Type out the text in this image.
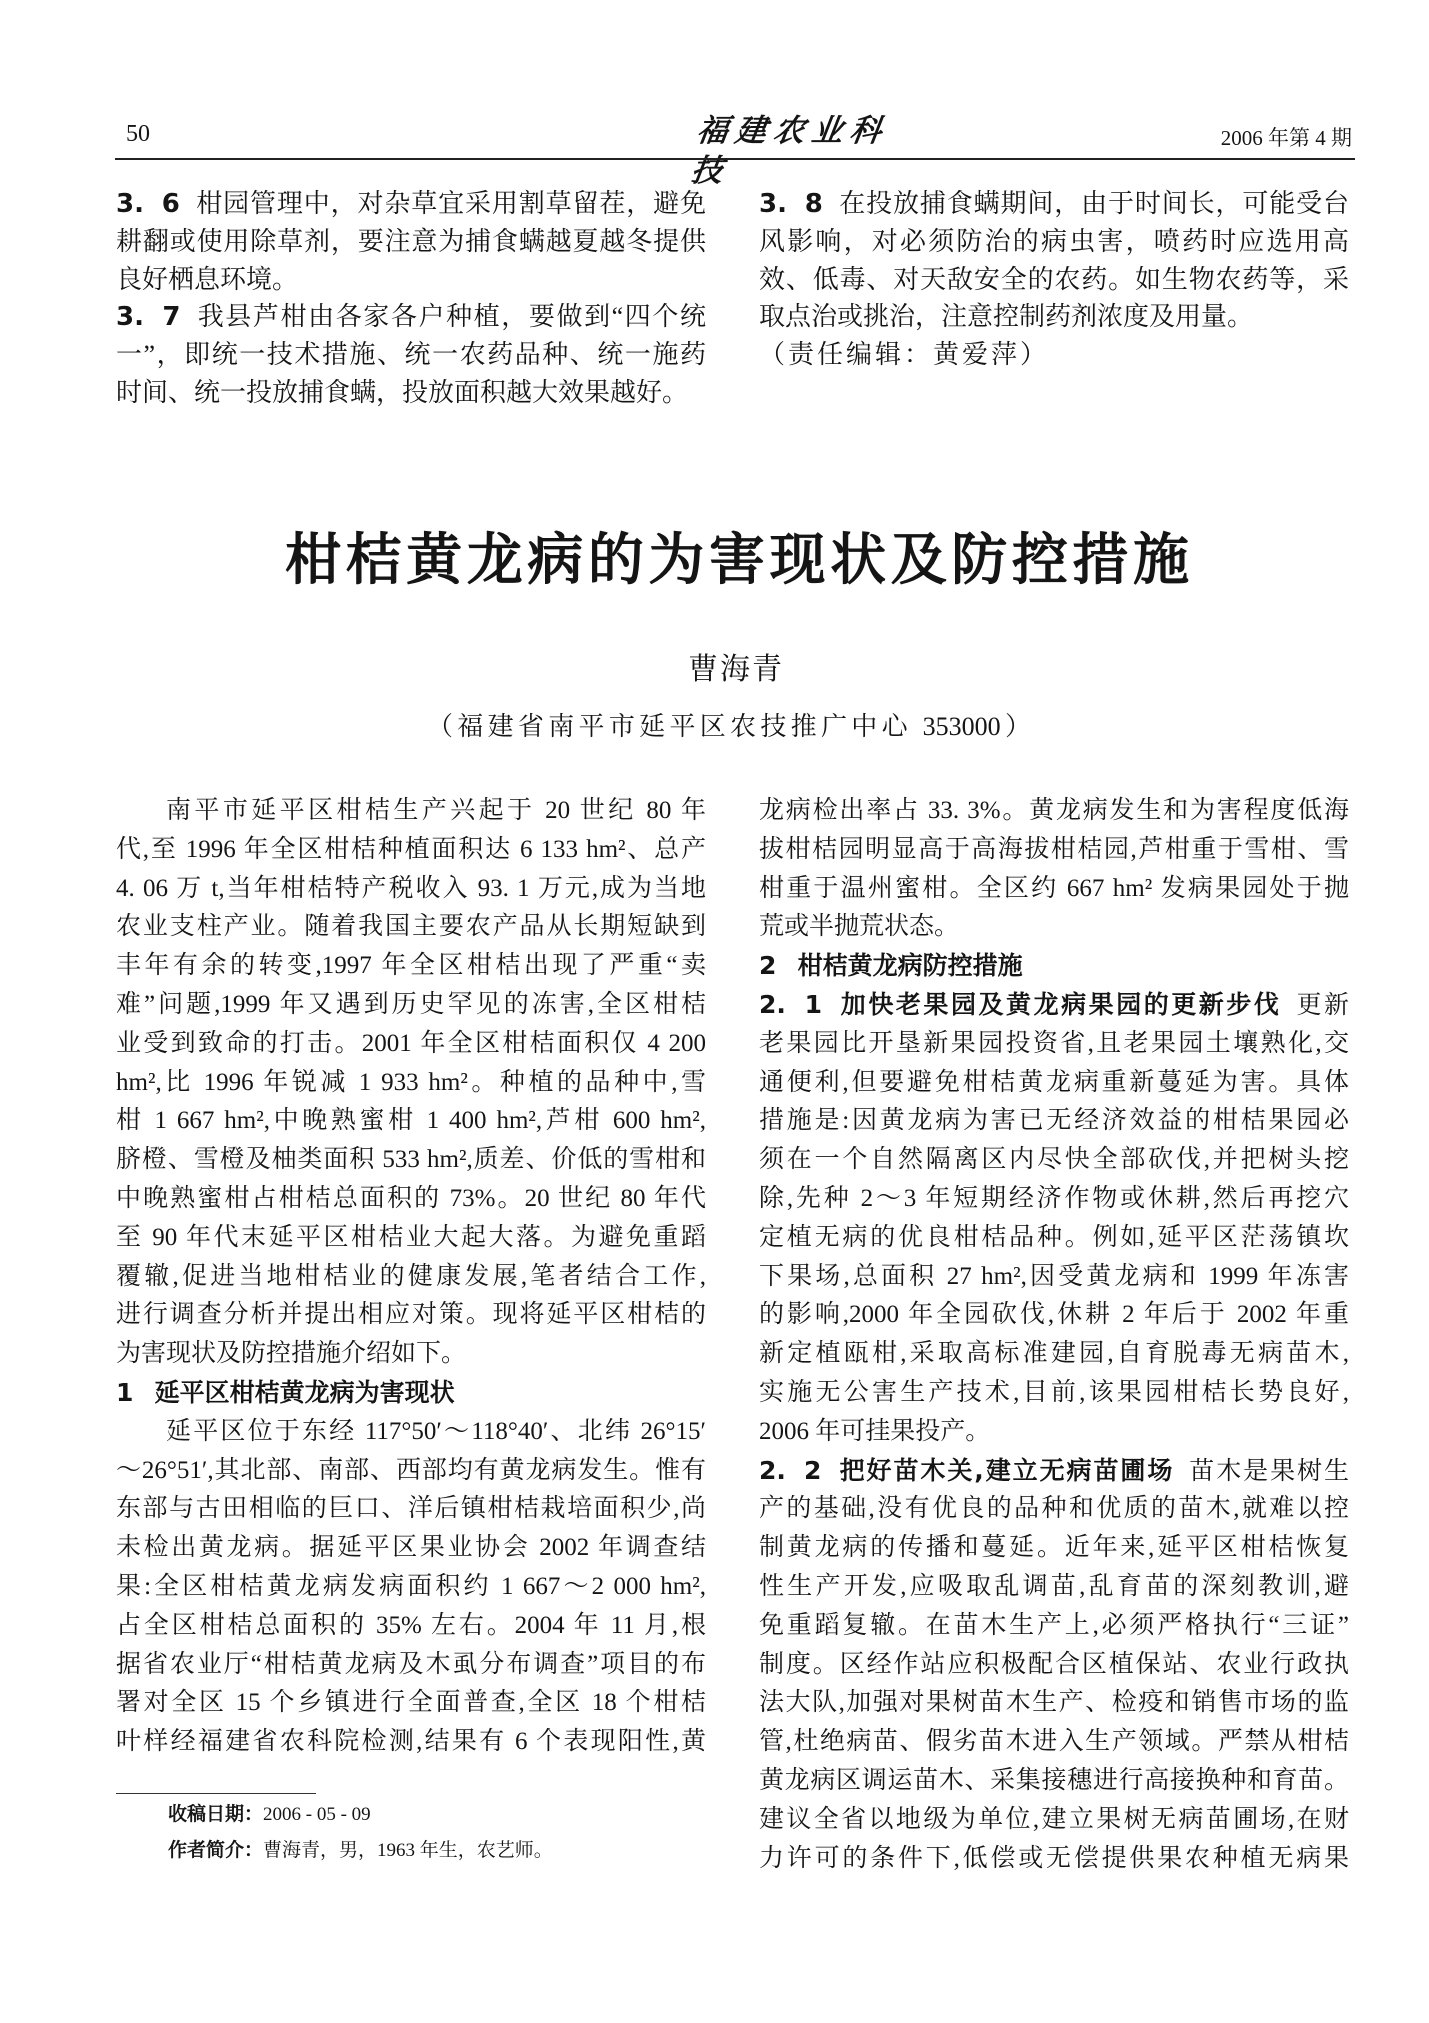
50	福建农业科技
2006 年第 4 期
3. 6 柑园管理中，对杂草宜采用割草留茬，避免
耕翻或使用除草剂，要注意为捕食螨越夏越冬提供
良好栖息环境。
3. 7 我县芦柑由各家各户种植，要做到“四个统
一”，即统一技术措施、统一农药品种、统一施药
时间、统一投放捕食螨，投放面积越大效果越好。
3. 8 在投放捕食螨期间，由于时间长，可能受台
风影响，对必须防治的病虫害，喷药时应选用高
效、低毒、对天敌安全的农药。如生物农药等，采
取点治或挑治，注意控制药剂浓度及用量。
（责任编辑：黄爱萍）
柑桔黄龙病的为害现状及防控措施
曹海青
（福建省南平市延平区农技推广中心 353000）
南平市延平区柑桔生产兴起于 20 世纪 80 年
代,至 1996 年全区柑桔种植面积达 6 133 hm²、总产
4. 06 万 t,当年柑桔特产税收入 93. 1 万元,成为当地
农业支柱产业。随着我国主要农产品从长期短缺到
丰年有余的转变,1997 年全区柑桔出现了严重“卖
难”问题,1999 年又遇到历史罕见的冻害,全区柑桔
业受到致命的打击。2001 年全区柑桔面积仅 4 200
hm²,比 1996 年锐减 1 933 hm²。种植的品种中,雪
柑 1 667 hm²,中晚熟蜜柑 1 400 hm²,芦柑 600 hm²,
脐橙、雪橙及柚类面积 533 hm²,质差、价低的雪柑和
中晚熟蜜柑占柑桔总面积的 73%。20 世纪 80 年代
至 90 年代末延平区柑桔业大起大落。为避免重蹈
覆辙,促进当地柑桔业的健康发展,笔者结合工作,
进行调查分析并提出相应对策。现将延平区柑桔的
为害现状及防控措施介绍如下。
1 延平区柑桔黄龙病为害现状
延平区位于东经 117°50′～118°40′、北纬 26°15′
～26°51′,其北部、南部、西部均有黄龙病发生。惟有
东部与古田相临的巨口、洋后镇柑桔栽培面积少,尚
未检出黄龙病。据延平区果业协会 2002 年调查结
果:全区柑桔黄龙病发病面积约 1 667～2 000 hm²,
占全区柑桔总面积的 35% 左右。2004 年 11 月,根
据省农业厅“柑桔黄龙病及木虱分布调查”项目的布
署对全区 15 个乡镇进行全面普查,全区 18 个柑桔
叶样经福建省农科院检测,结果有 6 个表现阳性,黄
龙病检出率占 33. 3%。黄龙病发生和为害程度低海
拔柑桔园明显高于高海拔柑桔园,芦柑重于雪柑、雪
柑重于温州蜜柑。全区约 667 hm² 发病果园处于抛
荒或半抛荒状态。
2 柑桔黄龙病防控措施
2. 1 加快老果园及黄龙病果园的更新步伐 更新
老果园比开垦新果园投资省,且老果园土壤熟化,交
通便利,但要避免柑桔黄龙病重新蔓延为害。具体
措施是:因黄龙病为害已无经济效益的柑桔果园必
须在一个自然隔离区内尽快全部砍伐,并把树头挖
除,先种 2～3 年短期经济作物或休耕,然后再挖穴
定植无病的优良柑桔品种。例如,延平区茫荡镇坎
下果场,总面积 27 hm²,因受黄龙病和 1999 年冻害
的影响,2000 年全园砍伐,休耕 2 年后于 2002 年重
新定植瓯柑,采取高标准建园,自育脱毒无病苗木,
实施无公害生产技术,目前,该果园柑桔长势良好,
2006 年可挂果投产。
2. 2 把好苗木关,建立无病苗圃场 苗木是果树生
产的基础,没有优良的品种和优质的苗木,就难以控
制黄龙病的传播和蔓延。近年来,延平区柑桔恢复
性生产开发,应吸取乱调苗,乱育苗的深刻教训,避
免重蹈复辙。在苗木生产上,必须严格执行“三证”
制度。区经作站应积极配合区植保站、农业行政执
法大队,加强对果树苗木生产、检疫和销售市场的监
管,杜绝病苗、假劣苗木进入生产领域。严禁从柑桔
黄龙病区调运苗木、采集接穗进行高接换种和育苗。
建议全省以地级为单位,建立果树无病苗圃场,在财
力许可的条件下,低偿或无偿提供果农种植无病果
收稿日期：2006 - 05 - 09
作者简介：曹海青，男，1963 年生，农艺师。
